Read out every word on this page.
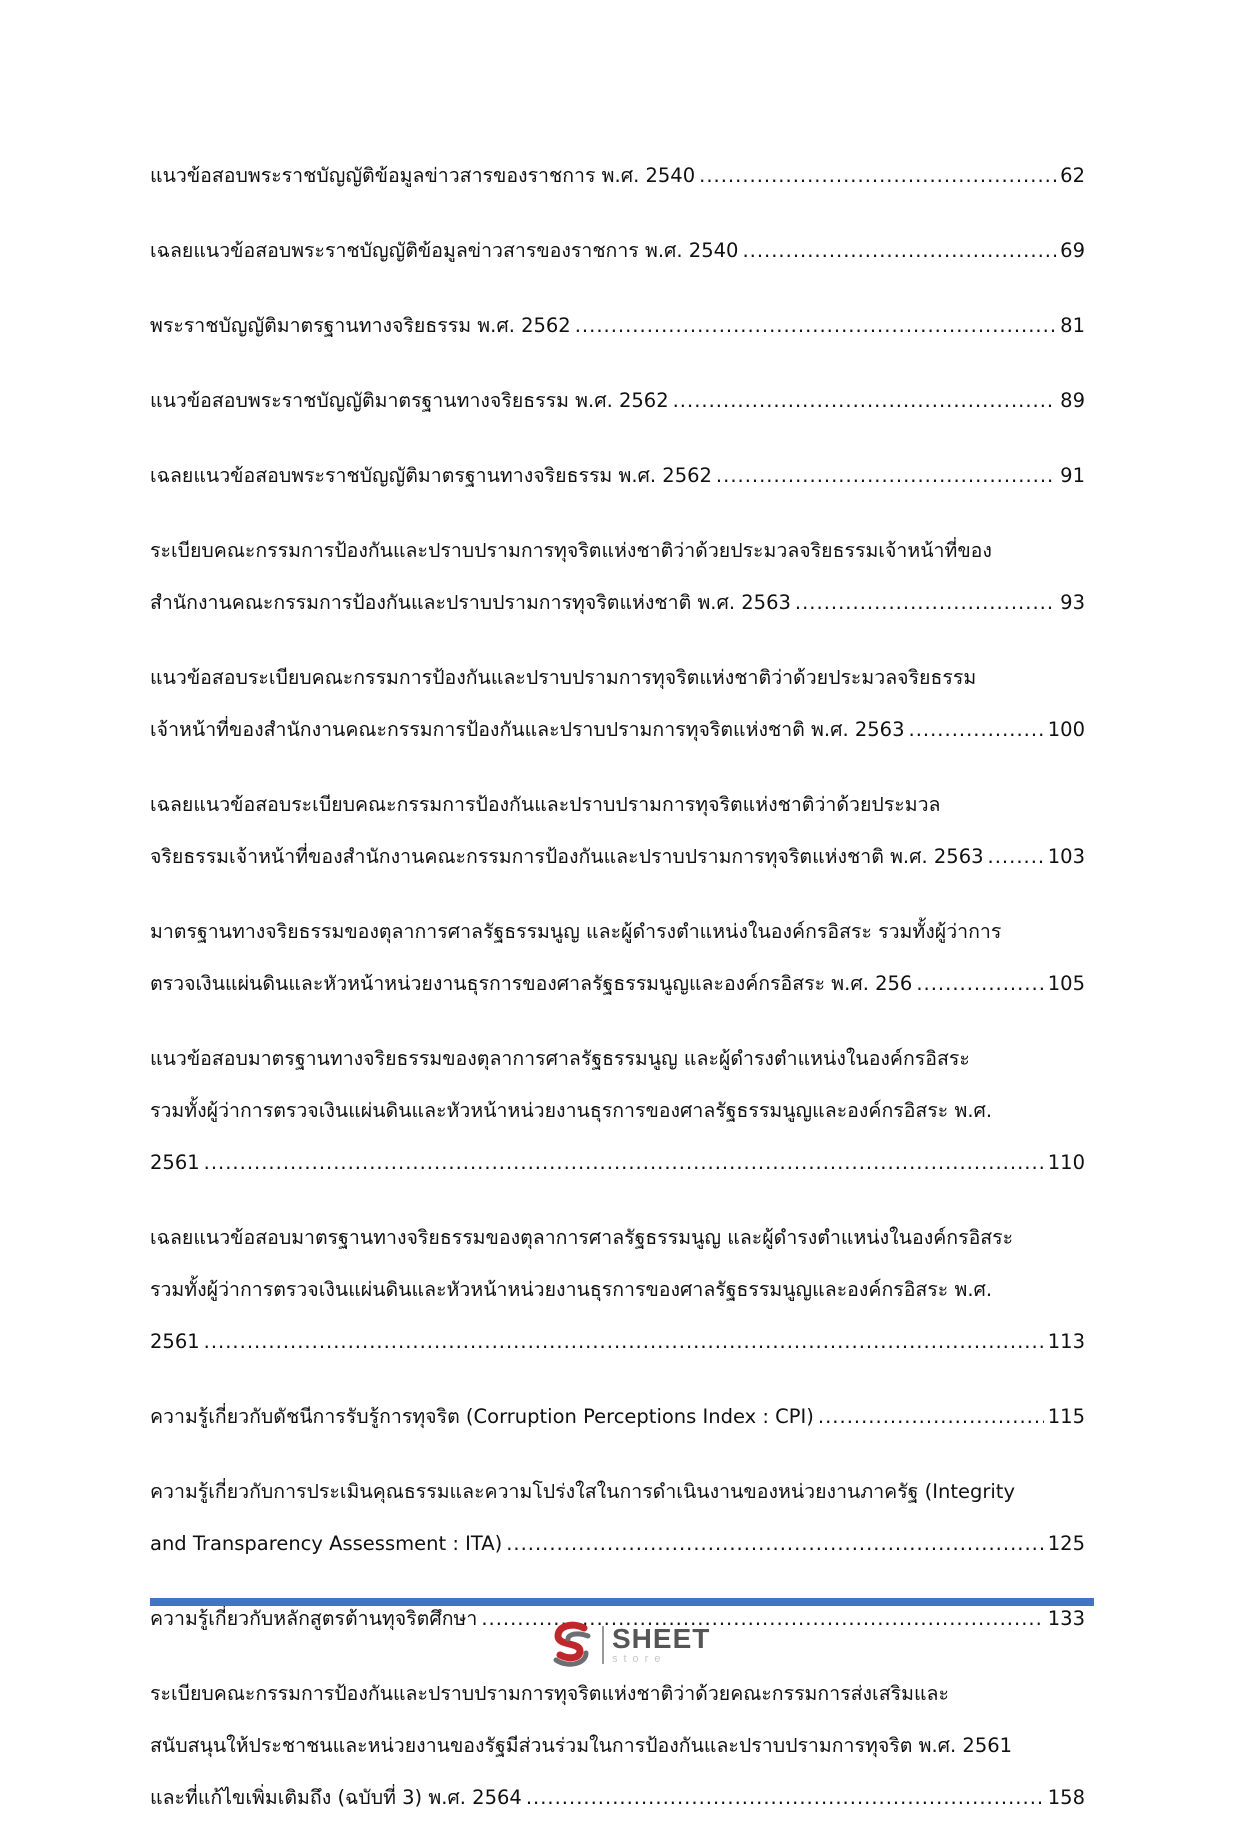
แนวข้อสอบพระราชบัญญัติข้อมูลข่าวสารของราชการ พ.ศ. 2540 .....	62
เฉลยแนวข้อสอบพระราชบัญญัติข้อมูลข่าวสารของราชการ พ.ศ. 2540 .....	69
พระราชบัญญัติมาตรฐานทางจริยธรรม พ.ศ. 2562 .....	81
แนวข้อสอบพระราชบัญญัติมาตรฐานทางจริยธรรม พ.ศ. 2562 .....	89
เฉลยแนวข้อสอบพระราชบัญญัติมาตรฐานทางจริยธรรม พ.ศ. 2562 .....	91
ระเบียบคณะกรรมการป้องกันและปราบปรามการทุจริตแห่งชาติว่าด้วยประมวลจริยธรรมเจ้าหน้าที่ของ
สำนักงานคณะกรรมการป้องกันและปราบปรามการทุจริตแห่งชาติ พ.ศ. 2563 .....	93
แนวข้อสอบระเบียบคณะกรรมการป้องกันและปราบปรามการทุจริตแห่งชาติว่าด้วยประมวลจริยธรรม
เจ้าหน้าที่ของสำนักงานคณะกรรมการป้องกันและปราบปรามการทุจริตแห่งชาติ พ.ศ. 2563 .....	100
เฉลยแนวข้อสอบระเบียบคณะกรรมการป้องกันและปราบปรามการทุจริตแห่งชาติว่าด้วยประมวล
จริยธรรมเจ้าหน้าที่ของสำนักงานคณะกรรมการป้องกันและปราบปรามการทุจริตแห่งชาติ พ.ศ. 2563 .....	103
มาตรฐานทางจริยธรรมของตุลาการศาลรัฐธรรมนูญ และผู้ดำรงตำแหน่งในองค์กรอิสระ รวมทั้งผู้ว่าการ
ตรวจเงินแผ่นดินและหัวหน้าหน่วยงานธุรการของศาลรัฐธรรมนูญและองค์กรอิสระ พ.ศ. 256 .....	105
แนวข้อสอบมาตรฐานทางจริยธรรมของตุลาการศาลรัฐธรรมนูญ และผู้ดำรงตำแหน่งในองค์กรอิสระ
รวมทั้งผู้ว่าการตรวจเงินแผ่นดินและหัวหน้าหน่วยงานธุรการของศาลรัฐธรรมนูญและองค์กรอิสระ พ.ศ.
2561 .....	110
เฉลยแนวข้อสอบมาตรฐานทางจริยธรรมของตุลาการศาลรัฐธรรมนูญ และผู้ดำรงตำแหน่งในองค์กรอิสระ
รวมทั้งผู้ว่าการตรวจเงินแผ่นดินและหัวหน้าหน่วยงานธุรการของศาลรัฐธรรมนูญและองค์กรอิสระ พ.ศ.
2561 .....	113
ความรู้เกี่ยวกับดัชนีการรับรู้การทุจริต (Corruption Perceptions Index : CPI) .....	115
ความรู้เกี่ยวกับการประเมินคุณธรรมและความโปร่งใสในการดำเนินงานของหน่วยงานภาครัฐ (Integrity
and Transparency Assessment : ITA) .....	125
ความรู้เกี่ยวกับหลักสูตรต้านทุจริตศึกษา .....	133
ระเบียบคณะกรรมการป้องกันและปราบปรามการทุจริตแห่งชาติว่าด้วยคณะกรรมการส่งเสริมและ
สนับสนุนให้ประชาชนและหน่วยงานของรัฐมีส่วนร่วมในการป้องกันและปราบปรามการทุจริต พ.ศ. 2561
และที่แก้ไขเพิ่มเติมถึง (ฉบับที่ 3) พ.ศ. 2564 .....	158
SHEET
store
